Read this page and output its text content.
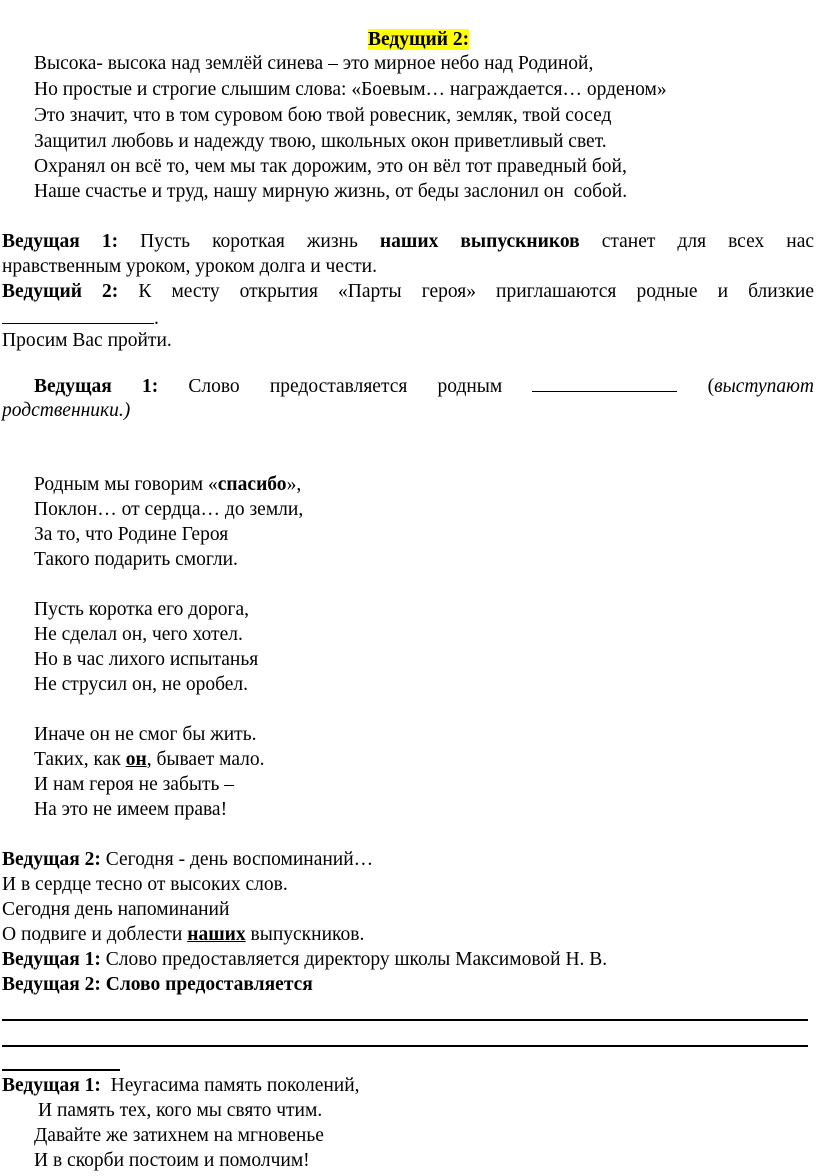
Ведущий 2:
Высока- высока над землёй синева – это мирное небо над Родиной,
Но простые и строгие слышим слова: «Боевым… награждается… орденом»
Это значит, что в том суровом бою твой ровесник, земляк, твой сосед
Защитил любовь и надежду твою, школьных окон приветливый свет.
Охранял он всё то, чем мы так дорожим, это он вёл тот праведный бой,
Наше счастье и труд, нашу мирную жизнь, от беды заслонил он  собой.
Ведущая 1: Пусть короткая жизнь наших выпускников станет для всех нас
нравственным уроком, уроком долга и чести.
Ведущий 2: К месту открытия «Парты героя» приглашаются родные и близкие
.
Просим Вас пройти.
Ведущая 1: Слово предоставляется родным	(выступают
родственники.)
Родным мы говорим «спасибо»,
Поклон… от сердца… до земли,
За то, что Родине Героя
Такого подарить смогли.
Пусть коротка его дорога,
Не сделал он, чего хотел.
Но в час лихого испытанья
Не струсил он, не оробел.
Иначе он не смог бы жить.
Таких, как он, бывает мало.
И нам героя не забыть –
На это не имеем права!
Ведущая 2: Сегодня - день воспоминаний…
И в сердце тесно от высоких слов.
Сегодня день напоминаний
О подвиге и доблести наших выпускников.
Ведущая 1: Слово предоставляется директору школы Максимовой Н. В.
Ведущая 2: Слово предоставляется
Ведущая 1: Неугасима память поколений,
И память тех, кого мы свято чтим.
Давайте же затихнем на мгновенье
И в скорби постоим и помолчим!
